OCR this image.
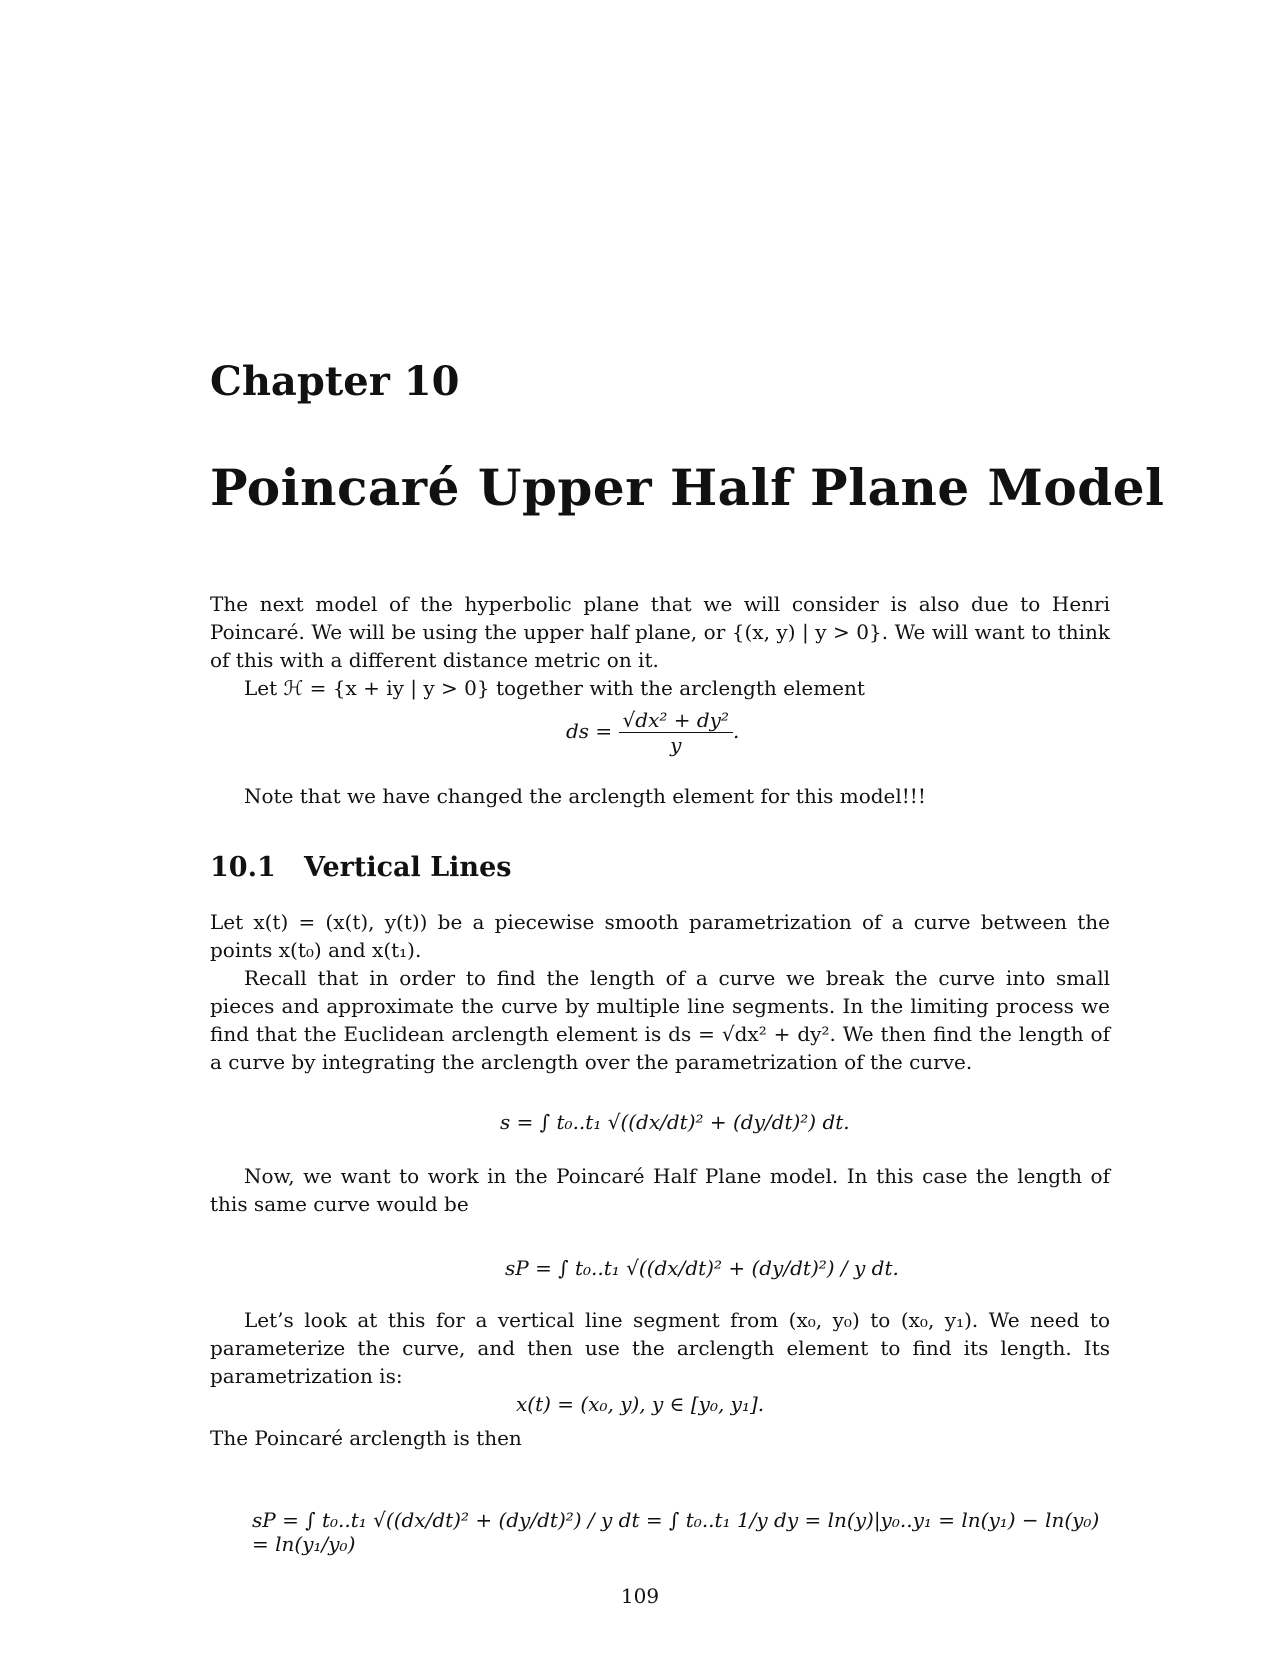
Chapter 10
Poincaré Upper Half Plane Model

The next model of the hyperbolic plane that we will consider is also due to Henri Poincaré. We will be using the upper half plane, or {(x, y) | y > 0}. We will want to think of this with a different distance metric on it.

Let ℋ = {x + iy | y > 0} together with the arclength element

ds = $\frac{\text{√dx² + dy²}}{y}$ .

Note that we have changed the arclength element for this model!!!

10.1 Vertical Lines

Let x(t) = (x(t), y(t)) be a piecewise smooth parametrization of a curve between the points x(t₀) and x(t₁).

Recall that in order to find the length of a curve we break the curve into small pieces and approximate the curve by multiple line segments. In the limiting process we find that the Euclidean arclength element is ds = √dx² + dy². We then find the length of a curve by integrating the arclength over the parametrization of the curve.

s = ∫ t₀..t₁ √((dx/dt)² + (dy/dt)²) dt.

Now, we want to work in the Poincaré Half Plane model. In this case the length of this same curve would be

sP = ∫ t₀..t₁ √((dx/dt)² + (dy/dt)²) / y dt.

Let’s look at this for a vertical line segment from (x₀, y₀) to (x₀, y₁). We need to parameterize the curve, and then use the arclength element to find its length. Its parametrization is:

x(t) = (x₀, y), y ∈ [y₀, y₁].

The Poincaré arclength is then

sP = ∫ t₀..t₁ √((dx/dt)² + (dy/dt)²) / y dt = ∫ t₀..t₁ 1/y dy = ln(y)|y₀..y₁ = ln(y₁) − ln(y₀) = ln(y₁/y₀)
109
